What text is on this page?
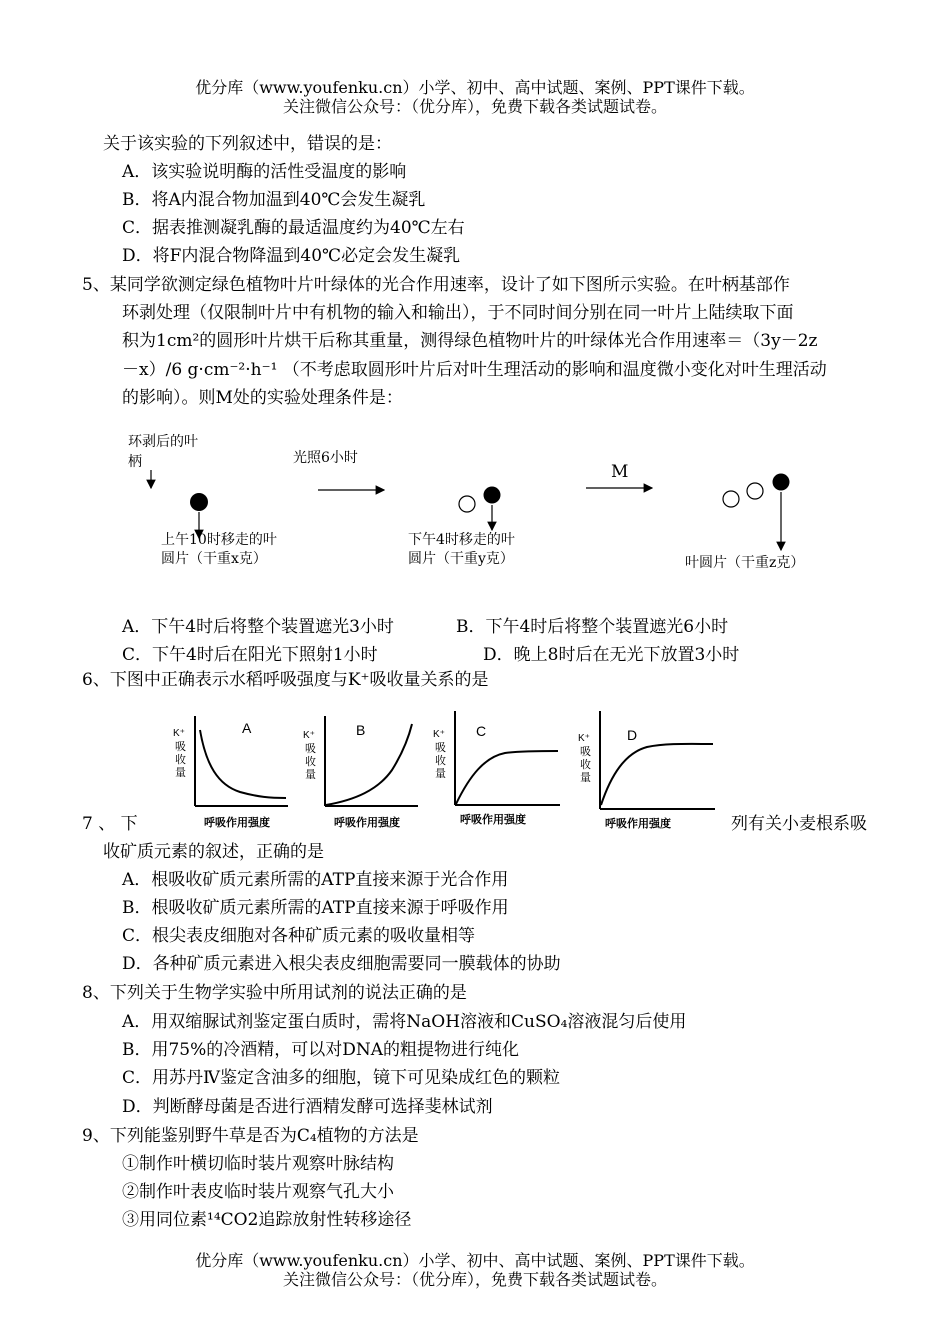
优分库（www.youfenku.cn）小学、初中、高中试题、案例、PPT课件下载。
关注微信公众号：（优分库），免费下载各类试题试卷。
关于该实验的下列叙述中，错误的是：
A．该实验说明酶的活性受温度的影响
B．将A内混合物加温到40℃会发生凝乳
C．据表推测凝乳酶的最适温度约为40℃左右
D．将F内混合物降温到40℃必定会发生凝乳
5、某同学欲测定绿色植物叶片叶绿体的光合作用速率，设计了如下图所示实验。在叶柄基部作
环剥处理（仅限制叶片中有机物的输入和输出），于不同时间分别在同一叶片上陆续取下面
积为1cm²的圆形叶片烘干后称其重量，测得绿色植物叶片的叶绿体光合作用速率＝（3y－2z
－x）/6 g·cm⁻²·h⁻¹ （不考虑取圆形叶片后对叶生理活动的影响和温度微小变化对叶生理活动
的影响）。则M处的实验处理条件是：
环剥后的叶
柄	光照6小时
M
上午10时移走的叶
圆片（干重x克）
下午4时移走的叶
圆片（干重y克）	叶圆片（干重z克）
A．下午4时后将整个装置遮光3小时	B．下午4时后将整个装置遮光6小时
C．下午4时后在阳光下照射1小时	D．晚上8时后在无光下放置3小时
6、下图中正确表示水稻呼吸强度与K⁺吸收量关系的是
A
K⁺
吸收量
呼吸作用强度
B
K⁺
吸收量
呼吸作用强度
C
K⁺
吸收量
呼吸作用强度
D
K⁺
吸收量
呼吸作用强度
7 、 下	列有关小麦根系吸
收矿质元素的叙述，正确的是
A．根吸收矿质元素所需的ATP直接来源于光合作用
B．根吸收矿质元素所需的ATP直接来源于呼吸作用
C．根尖表皮细胞对各种矿质元素的吸收量相等
D．各种矿质元素进入根尖表皮细胞需要同一膜载体的协助
8、下列关于生物学实验中所用试剂的说法正确的是
A．用双缩脲试剂鉴定蛋白质时，需将NaOH溶液和CuSO₄溶液混匀后使用
B．用75%的冷酒精，可以对DNA的粗提物进行纯化
C．用苏丹Ⅳ鉴定含油多的细胞，镜下可见染成红色的颗粒
D．判断酵母菌是否进行酒精发酵可选择斐林试剂
9、下列能鉴别野牛草是否为C₄植物的方法是
①制作叶横切临时装片观察叶脉结构
②制作叶表皮临时装片观察气孔大小
③用同位素¹⁴CO2追踪放射性转移途径
优分库（www.youfenku.cn）小学、初中、高中试题、案例、PPT课件下载。
关注微信公众号：（优分库），免费下载各类试题试卷。
